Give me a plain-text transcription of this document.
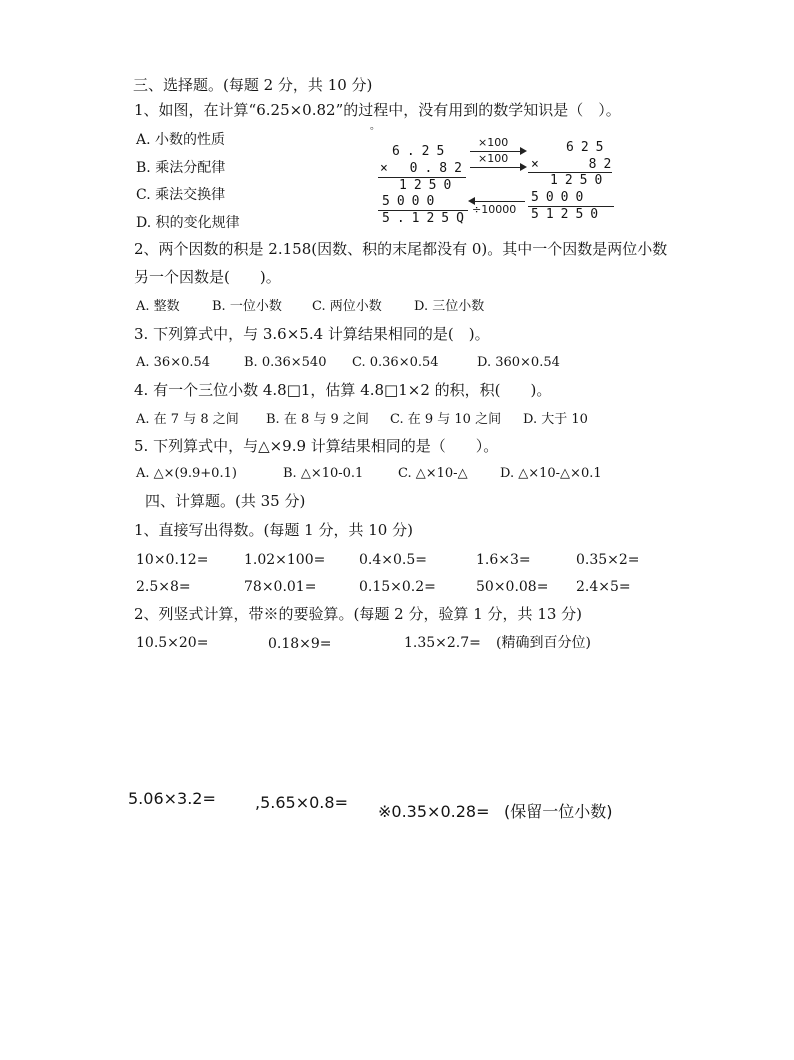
三、选择题。(每题 2 分，共 10 分)
1、如图，在计算“6.25×0.82”的过程中，没有用到的数学知识是（　）。
。
A. 小数的性质
B. 乘法分配律
C. 乘法交换律
D. 积的变化规律
6.25
× 0.82
1250
5000
5.125Q
×100
×100
÷10000
625
× 82
1250
5000
51250
2、两个因数的积是 2.158(因数、积的末尾都没有 0)。其中一个因数是两位小数
另一个因数是(　　)。
A. 整数 B. 一位小数 C. 两位小数 D. 三位小数
3. 下列算式中，与 3.6×5.4 计算结果相同的是(　)。
A. 36×0.54	B. 0.36×540 C. 0.36×0.54	D. 360×0.54
4. 有一个三位小数 4.8□1，估算 4.8□1×2 的积，积(　　)。
A. 在 7 与 8 之间 B. 在 8 与 9 之间 C. 在 9 与 10 之间 D. 大于 10
5. 下列算式中，与△×9.9 计算结果相同的是（　　）。
A. △×(9.9+0.1)	B. △×10-0.1	C. △×10-△ D. △×10-△×0.1
四、计算题。(共 35 分)
1、直接写出得数。(每题 1 分，共 10 分)
10×0.12=	1.02×100= 0.4×0.5=	1.6×3=	0.35×2=
2.5×8=	78×0.01=	0.15×0.2=	50×0.08= 2.4×5=
2、列竖式计算，带※的要验算。(每题 2 分，验算 1 分，共 13 分)
10.5×20=	0.18×9=	1.35×2.7= (精确到百分位)
5.06×3.2= ,5.65×0.8= ※0.35×0.28= (保留一位小数)
